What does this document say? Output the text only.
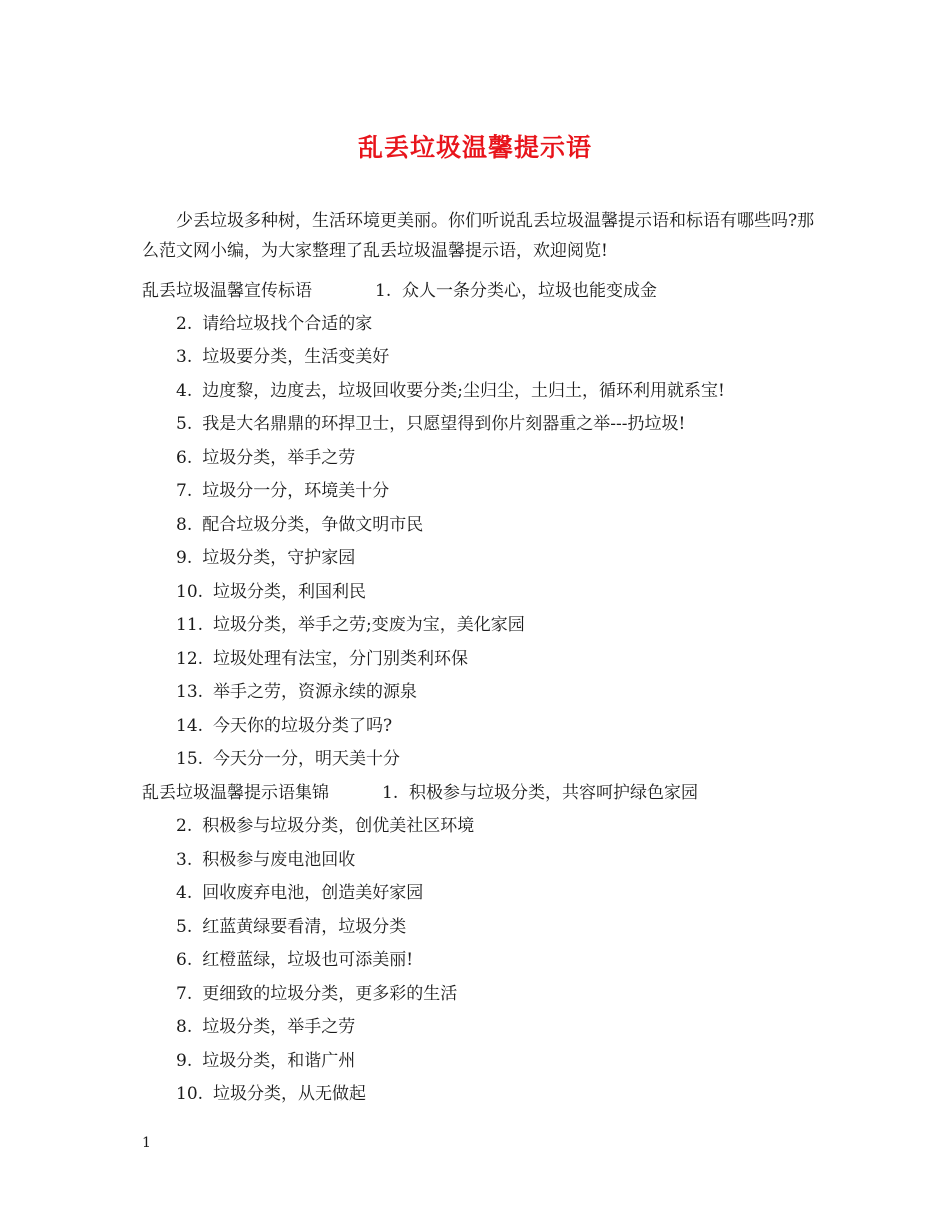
乱丢垃圾温馨提示语
少丢垃圾多种树，生活环境更美丽。你们听说乱丢垃圾温馨提示语和标语有哪些吗?那么范文网小编，为大家整理了乱丢垃圾温馨提示语，欢迎阅览!
乱丢垃圾温馨宣传标语	1. 众人一条分类心，垃圾也能变成金
2. 请给垃圾找个合适的家
3. 垃圾要分类，生活变美好
4. 边度黎，边度去，垃圾回收要分类;尘归尘，土归土，循环利用就系宝!
5. 我是大名鼎鼎的环捍卫士，只愿望得到你片刻器重之举---扔垃圾!
6. 垃圾分类，举手之劳
7. 垃圾分一分，环境美十分
8. 配合垃圾分类，争做文明市民
9. 垃圾分类，守护家园
10. 垃圾分类，利国利民
11. 垃圾分类，举手之劳;变废为宝，美化家园
12. 垃圾处理有法宝，分门别类利环保
13. 举手之劳，资源永续的源泉
14. 今天你的垃圾分类了吗?
15. 今天分一分，明天美十分
乱丢垃圾温馨提示语集锦	1. 积极参与垃圾分类，共容呵护绿色家园
2. 积极参与垃圾分类，创优美社区环境
3. 积极参与废电池回收
4. 回收废弃电池，创造美好家园
5. 红蓝黄绿要看清，垃圾分类
6. 红橙蓝绿，垃圾也可添美丽!
7. 更细致的垃圾分类，更多彩的生活
8. 垃圾分类，举手之劳
9. 垃圾分类，和谐广州
10. 垃圾分类，从无做起
1
